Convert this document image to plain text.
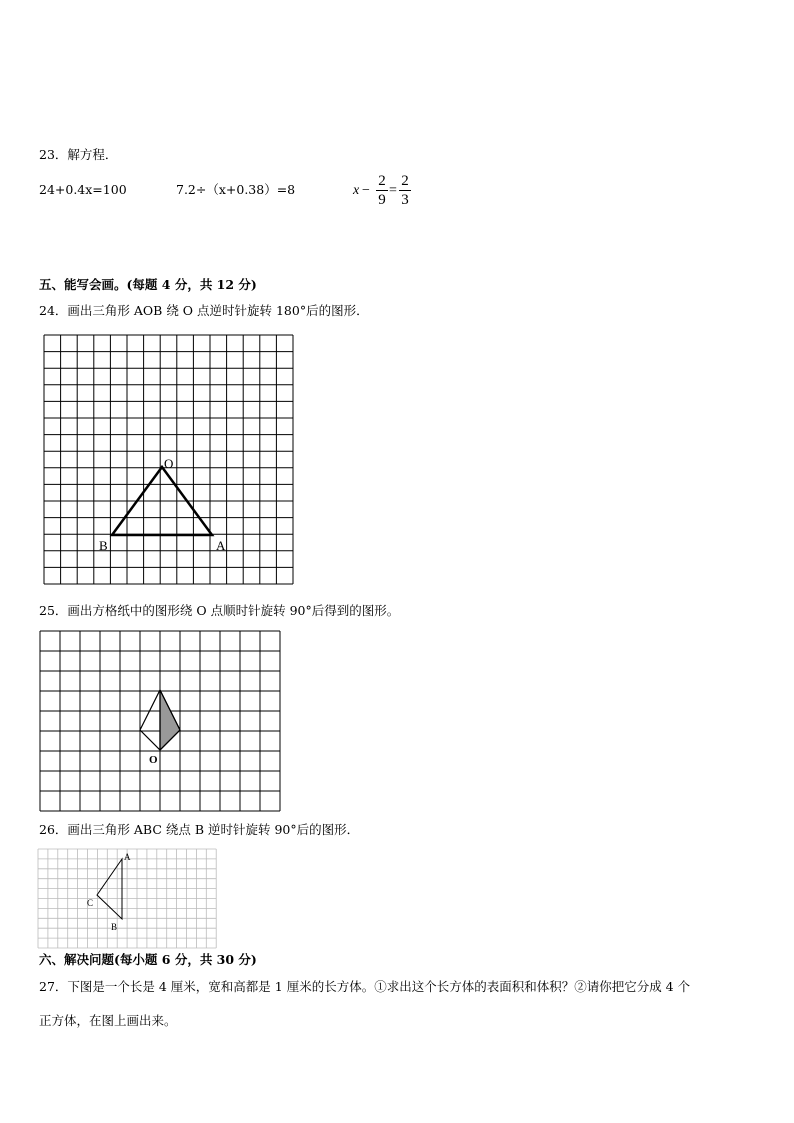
23．解方程．
24+0.4x=100	7.2÷（x+0.38）=8	x −
2
9
=
2
3
五、能写会画。(每题 4 分，共 12 分)
24．画出三角形 AOB 绕 O 点逆时针旋转 180°后的图形．
O
B	A
25．画出方格纸中的图形绕 O 点顺时针旋转 90°后得到的图形。
O
26．画出三角形 ABC 绕点 B 逆时针旋转 90°后的图形．
A
C
B
六、解决问题(每小题 6 分，共 30 分)
27．下图是一个长是 4 厘米，宽和高都是 1 厘米的长方体。①求出这个长方体的表面积和体积？②请你把它分成 4 个
正方体，在图上画出来。
